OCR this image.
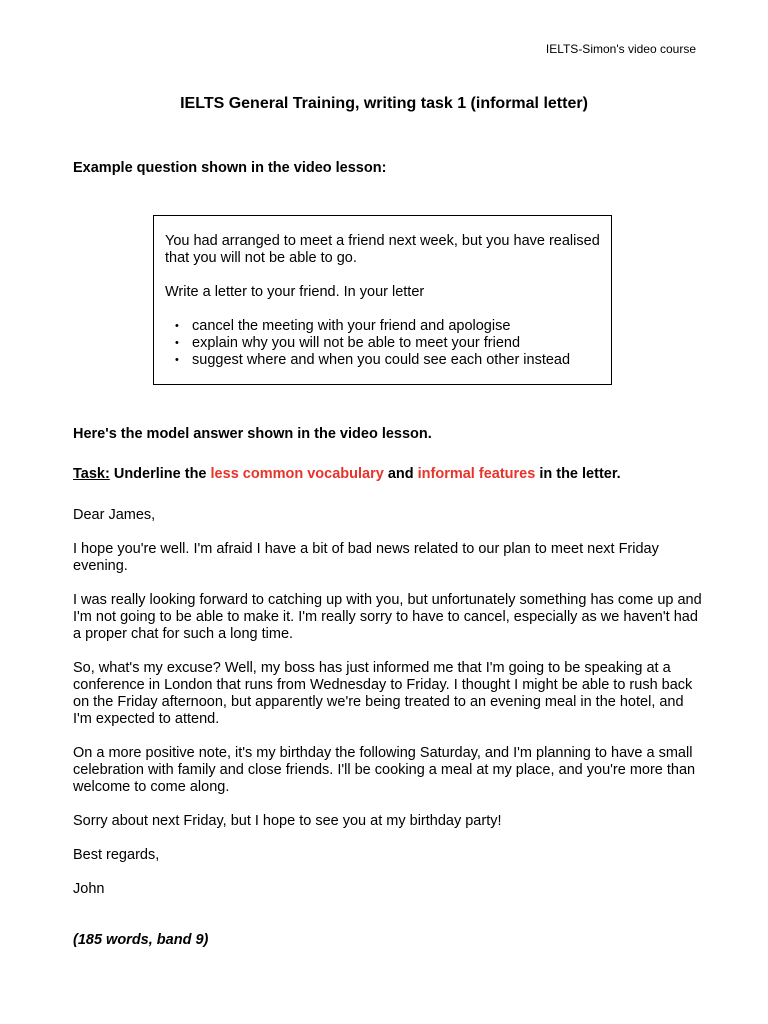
IELTS-Simon's video course
IELTS General Training, writing task 1 (informal letter)
Example question shown in the video lesson:

You had arranged to meet a friend next week, but you have realised that you will not be able to go.

Write a letter to your friend. In your letter

• cancel the meeting with your friend and apologise
• explain why you will not be able to meet your friend
• suggest where and when you could see each other instead
Here's the model answer shown in the video lesson.
Task: Underline the less common vocabulary and informal features in the letter.

Dear James,

I hope you're well. I'm afraid I have a bit of bad news related to our plan to meet next Friday evening.

I was really looking forward to catching up with you, but unfortunately something has come up and I'm not going to be able to make it. I'm really sorry to have to cancel, especially as we haven't had a proper chat for such a long time.

So, what's my excuse? Well, my boss has just informed me that I'm going to be speaking at a conference in London that runs from Wednesday to Friday. I thought I might be able to rush back on the Friday afternoon, but apparently we're being treated to an evening meal in the hotel, and I'm expected to attend.

On a more positive note, it's my birthday the following Saturday, and I'm planning to have a small celebration with family and close friends. I'll be cooking a meal at my place, and you're more than welcome to come along.

Sorry about next Friday, but I hope to see you at my birthday party!

Best regards,

John

(185 words, band 9)
